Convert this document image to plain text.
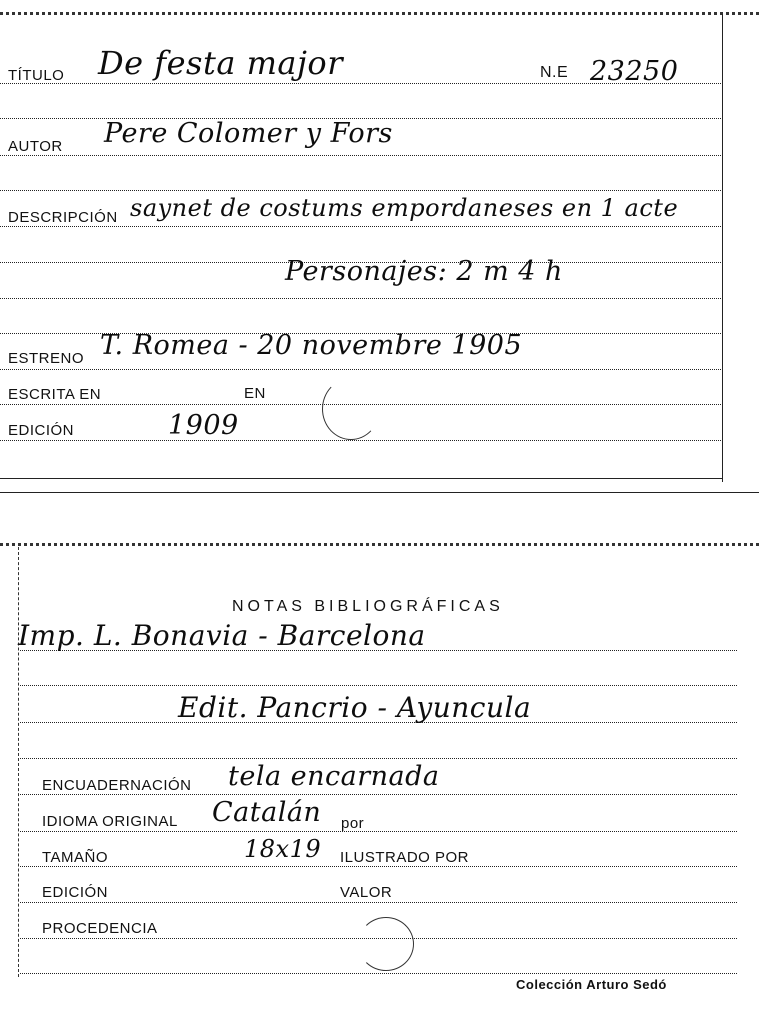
TÍTULO De festa major	N.E 23250
AUTOR Pere Colomer y Fors
DESCRIPCIÓN saynet de costums empordaneses en 1 acte
Personajes: 2 m 4 h
ESTRENO T. Romea - 20 novembre 1905
ESCRITA EN	EN
EDICIÓN	1909
NOTAS BIBLIOGRÁFICAS
Imp. L. Bonavia - Barcelona
Edit. Pancrio - Ayuncula
ENCUADERNACIÓN tela encarnada
IDIOMA ORIGINAL Catalán por
TAMAÑO	18x19 ILUSTRADO POR
EDICIÓN	VALOR
PROCEDENCIA
Colección Arturo Sedó
